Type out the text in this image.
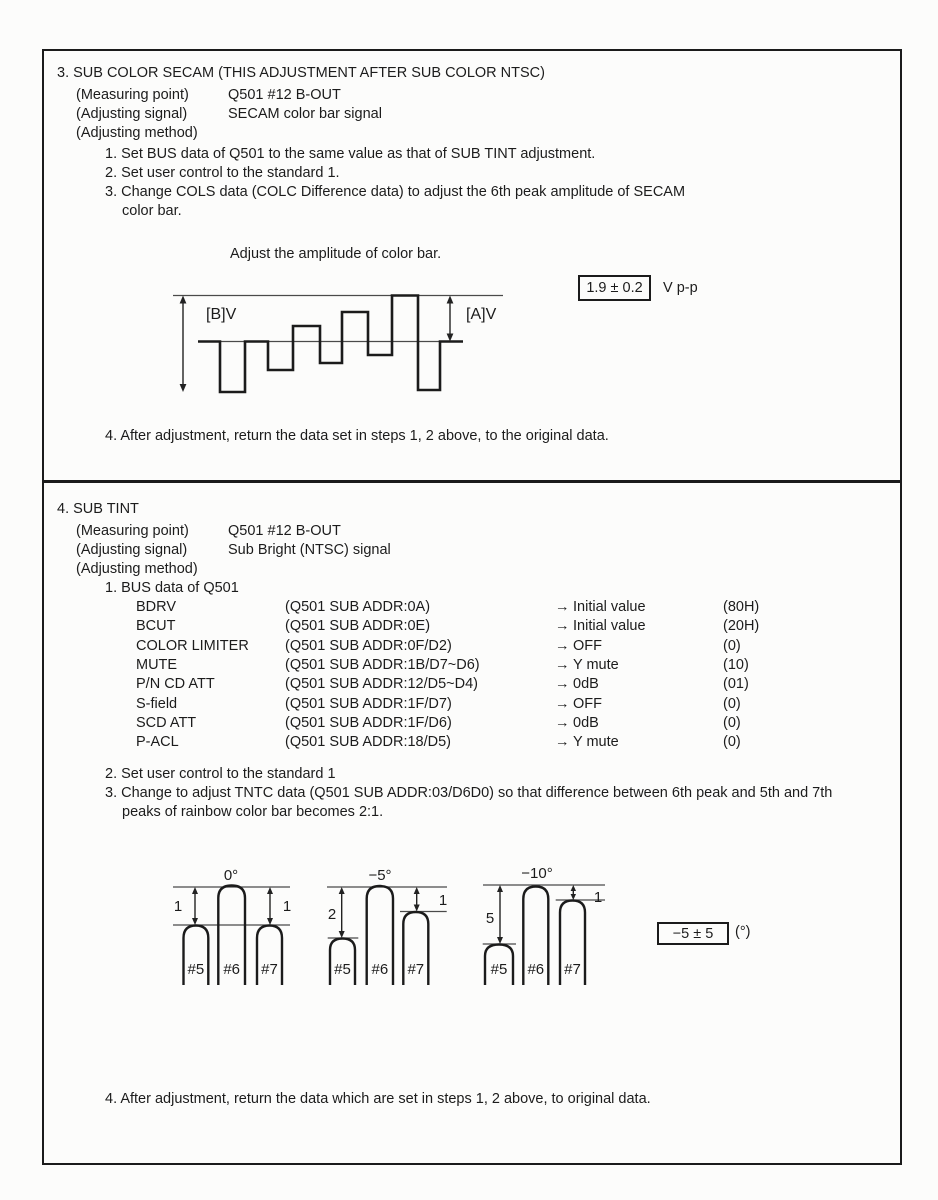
3. SUB COLOR SECAM (THIS ADJUSTMENT AFTER SUB COLOR NTSC)
(Measuring point)	Q501 #12 B-OUT
(Adjusting signal)	SECAM color bar signal
(Adjusting method)
1. Set BUS data of Q501 to the same value as that of SUB TINT adjustment.
2. Set user control to the standard 1.
3. Change COLS data (COLC Difference data) to adjust the 6th peak amplitude of SECAM
color bar.
Adjust the amplitude of color bar.
1.9 ± 0.2 V p-p
[B]V	[A]V
4. After adjustment, return the data set in steps 1, 2 above, to the original data.
4. SUB TINT
(Measuring point)	Q501 #12 B-OUT
(Adjusting signal)	Sub Bright (NTSC) signal
(Adjusting method)
1. BUS data of Q501
BDRV	(Q501 SUB ADDR:0A)	→ Initial value	(80H)
BCUT	(Q501 SUB ADDR:0E)	→ Initial value	(20H)
COLOR LIMITER (Q501 SUB ADDR:0F/D2)	→ OFF	(0)
MUTE	(Q501 SUB ADDR:1B/D7~D6)	→ Y mute	(10)
P/N CD ATT	(Q501 SUB ADDR:12/D5~D4)	→ 0dB	(01)
S-field	(Q501 SUB ADDR:1F/D7)	→ OFF	(0)
SCD ATT	(Q501 SUB ADDR:1F/D6)	→ 0dB	(0)
P-ACL	(Q501 SUB ADDR:18/D5)	→ Y mute	(0)
2. Set user control to the standard 1
3. Change to adjust TNTC data (Q501 SUB ADDR:03/D6D0) so that difference between 6th peak and 5th and 7th
peaks of rainbow color bar becomes 2:1.
0°
1	1
#5 #6 #7
−5°
2
1
#5 #6 #7
−10°
5
1
#5 #6 #7
−5 ± 5 (°)
4. After adjustment, return the data which are set in steps 1, 2 above, to original data.
